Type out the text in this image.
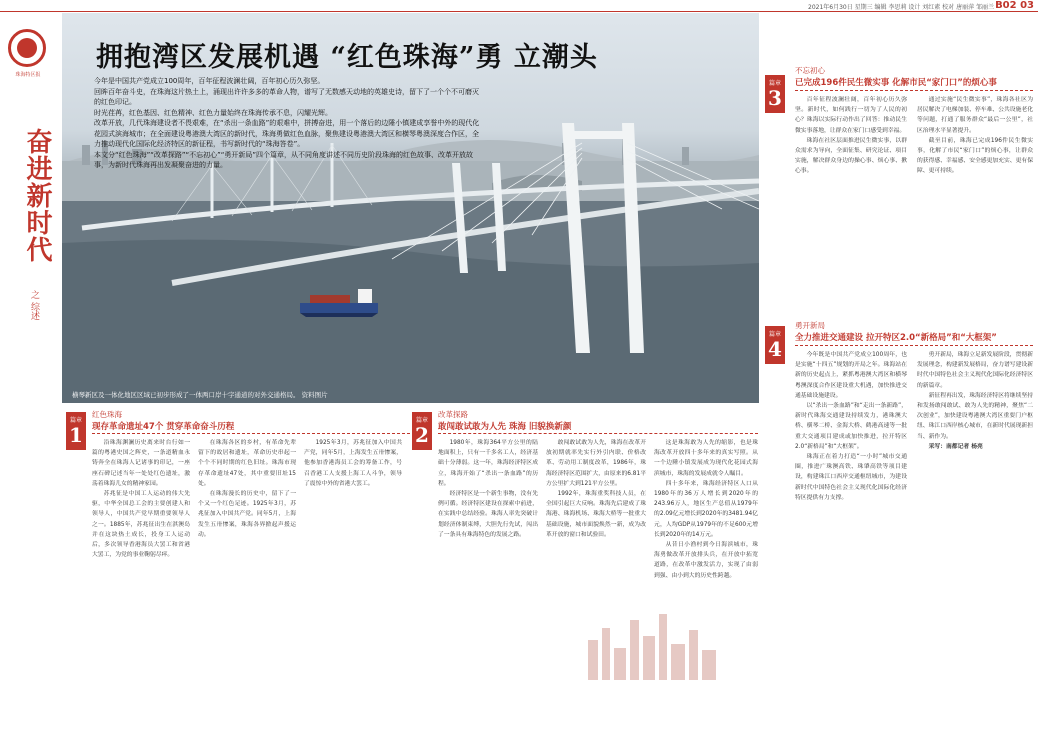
2021年6月30日 星期三 编辑 李思莉 设计 刘红素 校对 唐丽萍 邹丽兰 B02 03
珠海特区报
奋进新时代
之 综述
拥抱湾区发展机遇 “红色珠海”勇 立潮头

今年是中国共产党成立100周年，百年征程波澜壮阔，百年初心历久弥坚。

回眸百年奋斗史，在珠海这片热土上，涌现出许许多多的革命人物，谱写了无数感天动地的英雄史诗，留下了一个个不可磨灭的红色印记。

时光荏苒，红色基因、红色精神、红色力量始终在珠海传承不息，闪耀光辉。

改革开放，几代珠海建设者不畏艰难，在“杀出一条血路”的艰难中，拼搏奋进，用一个落后的边陲小镇建成享誉中外的现代化花园式滨海城市；在全面建设粤港澳大湾区的新时代，珠海勇做红色血脉，聚焦建设粤港澳大湾区和横琴粤澳深度合作区，全力推动现代化国际化经济特区的新征程，书写新时代的“珠海答卷”。

本文分“红色珠海”“改革探路”“不忘初心”“勇开新局”四个篇章，从不同角度讲述不同历史阶段珠海的红色故事、改革开放故事，为新时代珠海再出发凝聚奋进的力量。

横琴新区及一体化地区区域已初步形成了一体两口岸十字通道的对外交通格局。 资料图片
篇章
3
不忘初心
已完成196件民生微实事 化解市民“家门口”的烦心事

百年征程波澜壮阔，百年初心历久弥坚。新时代，如何践行一切为了人民的初心？珠海以实际行动作出了回答：推动民生微实事落地，让群众在家门口感受到幸福。

珠海在社区层面推进民生微实事，以群众需求为导向，全面征集、研究论证、项目实施，解决群众身边的操心事、烦心事、揪心事。

通过实施“民生微实事”，珠海各社区为居民解决了电梯加装、停车难、公共设施老化等问题，打通了服务群众“最后一公里”，社区治理水平显著提升。

截至目前，珠海已完成196件民生微实事，化解了市民“家门口”的烦心事，让群众的获得感、幸福感、安全感更加充实、更有保障、更可持续。

篇章
4
勇开新局
全力推进交通建设 拉开特区2.0“新格局”和“大框架”

今年既是中国共产党成立100周年，也是实施“十四五”规划的开局之年。珠海站在新的历史起点上，紧抓粤港澳大湾区和横琴粤澳深度合作区建设重大机遇，加快推进交通基础设施建设。

以“杀出一条血路”和“走出一条新路”，新时代珠海交通建设持续发力，港珠澳大桥、横琴二桥、金海大桥、鹤港高速等一批重大交通项目建成或加快推进，拉开特区2.0“新格局”和“大框架”。

珠海正在着力打造“一小时”城市交通圈，推进广珠澳高铁、珠肇高铁等项目建设，构建珠江口西岸交通枢纽城市，为建设新时代中国特色社会主义现代化国际化经济特区提供有力支撑。

勇开新局，珠海立足新发展阶段，贯彻新发展理念，构建新发展格局，奋力谱写建设新时代中国特色社会主义现代化国际化经济特区的新篇章。

新征程再出发，珠海经济特区将继续坚持和发扬敢闯敢试、敢为人先的精神，聚焦“二次创业”，加快建设粤港澳大湾区重要门户枢纽、珠江口西岸核心城市，在新时代展现新担当、新作为。

采写：南都记者 杨亮

篇章
1
红色珠海
现存革命遗址47个 贯穿革命奋斗历程

沿珠海渊澜历史离来时台行如一篇的粤港史国之辉史，一条道精血永铸奔全在珠海人记诸事的印记，一座座石碑记述当年一处处红色遗址，激荡着珠海儿女的精神家园。

苏兆征是中国工人运动的伟大先驱，中华全国总工会的主要创建人和领导人，中国共产党早期重要领导人之一。1885年，苏兆征出生在淇澳岛并在这块热土成长，投身工人运动后，多次领导香港海员大罢工和省港大罢工，为党的事业鞠躬尽瘁。

在珠海各区的乡村，有革命先辈留下的故居和遗址，革命历史串起一个个不同时期的红色旧址。珠海市现存革命遗址47处，其中重要旧址15处。

在珠海漫长的历史中，留下了一个又一个红色足迹。1925年3月，苏兆征加入中国共产党。同年5月，上海发生五卅惨案，珠海各界掀起声援运动。

1925年3月，苏兆征加入中国共产党，同年5月，上海发生五卅惨案，他参加香港海员工会的筹备工作，号召香港工人支援上海工人斗争，领导了震惊中外的省港大罢工。

篇章
2
改革探路
敢闯敢试敢为人先 珠海 旧貌换新颜

1980年，珠海364平方公里的陆地面积上，只有一千多名工人，经济基础十分薄弱。这一年，珠海经济特区成立，珠海开始了“杀出一条血路”的历程。

经济特区是一个新生事物，没有先例可循。经济特区建设在探索中前进，在实践中总结经验。珠海人率先突破计划经济体制束缚，大胆先行先试，闯出了一条具有珠海特色的发展之路。

敢闯敢试敢为人先，珠海在改革开放初期就率先实行外引内联、价格改革、劳动用工制度改革，1986年，珠海经济特区范围扩大，由原来的6.81平方公里扩大到121平方公里。

1992年，珠海重奖科技人员，在全国引起巨大反响。珠海先后建成了珠海港、珠海机场、珠海大桥等一批重大基础设施，城市面貌焕然一新，成为改革开放的窗口和试验田。

这是珠海敢为人先的缩影，也是珠海改革开放四十多年来的真实写照。从一个边陲小镇发展成为现代化花园式海滨城市，珠海的发展成就令人瞩目。

四十多年来，珠海经济特区人口从1980年的36万人增长到2020年的243.96万人，地区生产总值从1979年的2.09亿元增长到2020年的3481.94亿元，人均GDP从1979年的不足600元增长到2020年的14万元。

从昔日小渔村到今日海滨城市，珠海勇做改革开放排头兵，在开放中拓宽道路，在改革中激发活力，实现了由弱到强、由小到大的历史性跨越。
